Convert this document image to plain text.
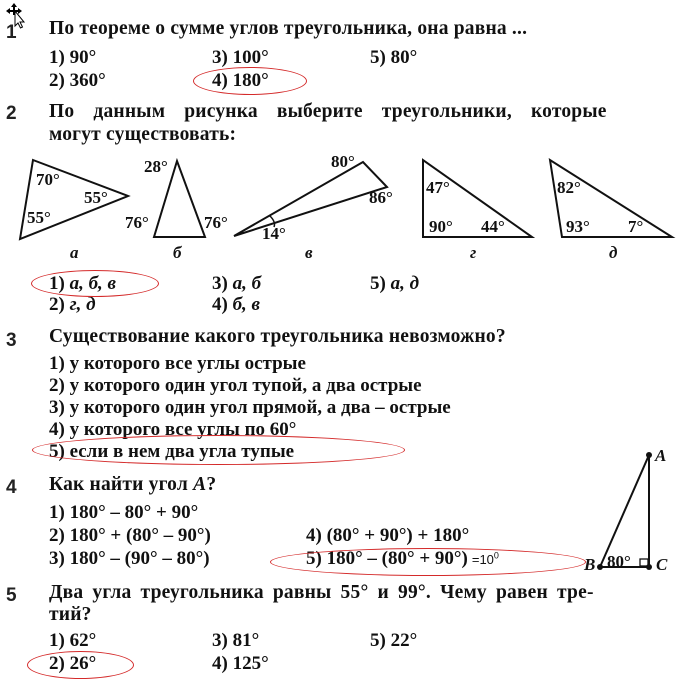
1 По теореме о сумме углов треугольника, она равна ...
1) 90°
2) 360°
3) 100°
4) 180°
5) 80°
2 По данным рисунка выберите треугольники, которые
могут существовать:
70°
55°
55°
а
28°
76°	76°
б
80°
86°
14°
в
47°
90° 44°
г
82°
93° 7°
д
1) а, б, в
2) г, д
3) а, б
4) б, в
5) а, д
3 Существование какого треугольника невозможно?
1) у которого все углы острые
2) у которого один угол тупой, а два острые
3) у которого один угол прямой, а два – острые
4) у которого все углы по 60°
5) если в нем два угла тупые
4 Как найти угол A?
1) 180° – 80° + 90°
2) 180° + (80° – 90°)
3) 180° – (90° – 80°)
4) (80° + 90°) + 180°
5) $180^\circ - (80^\circ + 90^\circ) =10^0$
A
B	C
80°
5 Два угла треугольника равны 55° и 99°. Чему равен тре-
тий?
1) 62°
2) 26°
3) 81°
4) 125°
5) 22°
